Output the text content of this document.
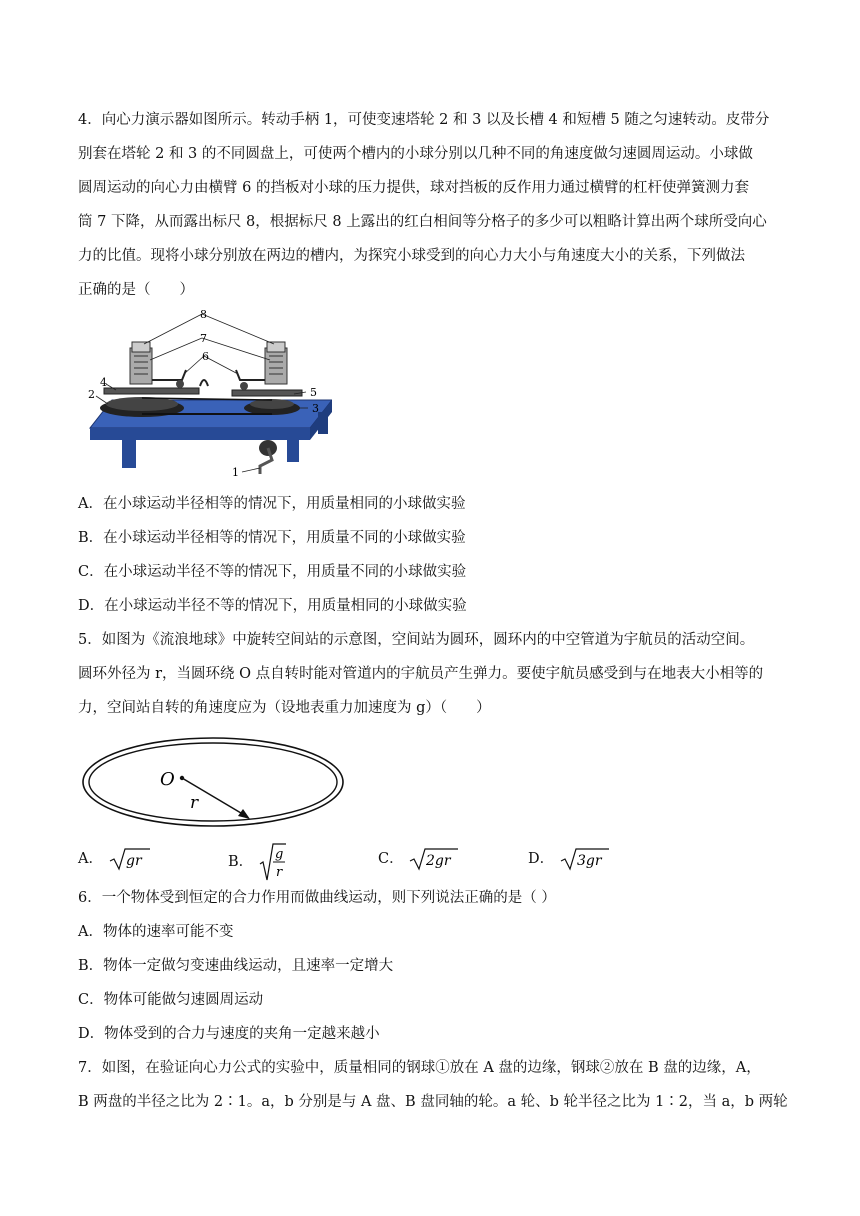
4．向心力演示器如图所示。转动手柄 1，可使变速塔轮 2 和 3 以及长槽 4 和短槽 5 随之匀速转动。皮带分
别套在塔轮 2 和 3 的不同圆盘上，可使两个槽内的小球分别以几种不同的角速度做匀速圆周运动。小球做
圆周运动的向心力由横臂 6 的挡板对小球的压力提供，球对挡板的反作用力通过横臂的杠杆使弹簧测力套
筒 7 下降，从而露出标尺 8，根据标尺 8 上露出的红白相间等分格子的多少可以粗略计算出两个球所受向心
力的比值。现将小球分别放在两边的槽内，为探究小球受到的向心力大小与角速度大小的关系，下列做法
正确的是（　　）
8
7
6
4
2	5
3
1
A．在小球运动半径相等的情况下，用质量相同的小球做实验
B．在小球运动半径相等的情况下，用质量不同的小球做实验
C．在小球运动半径不等的情况下，用质量不同的小球做实验
D．在小球运动半径不等的情况下，用质量相同的小球做实验
5．如图为《流浪地球》中旋转空间站的示意图，空间站为圆环，圆环内的中空管道为宇航员的活动空间。
圆环外径为 r，当圆环绕 O 点自转时能对管道内的宇航员产生弹力。要使宇航员感受到与在地表大小相等的
力，空间站自转的角速度应为（设地表重力加速度为 g）（　　）
O
r
A． gr	B． g
r
C． 2gr	D． 3gr
6．一个物体受到恒定的合力作用而做曲线运动，则下列说法正确的是（ ）
A．物体的速率可能不变
B．物体一定做匀变速曲线运动，且速率一定增大
C．物体可能做匀速圆周运动
D．物体受到的合力与速度的夹角一定越来越小
7．如图，在验证向心力公式的实验中，质量相同的钢球①放在 A 盘的边缘，钢球②放在 B 盘的边缘，A，
B 两盘的半径之比为 2∶1。a，b 分别是与 A 盘、B 盘同轴的轮。a 轮、b 轮半径之比为 1∶2，当 a，b 两轮
